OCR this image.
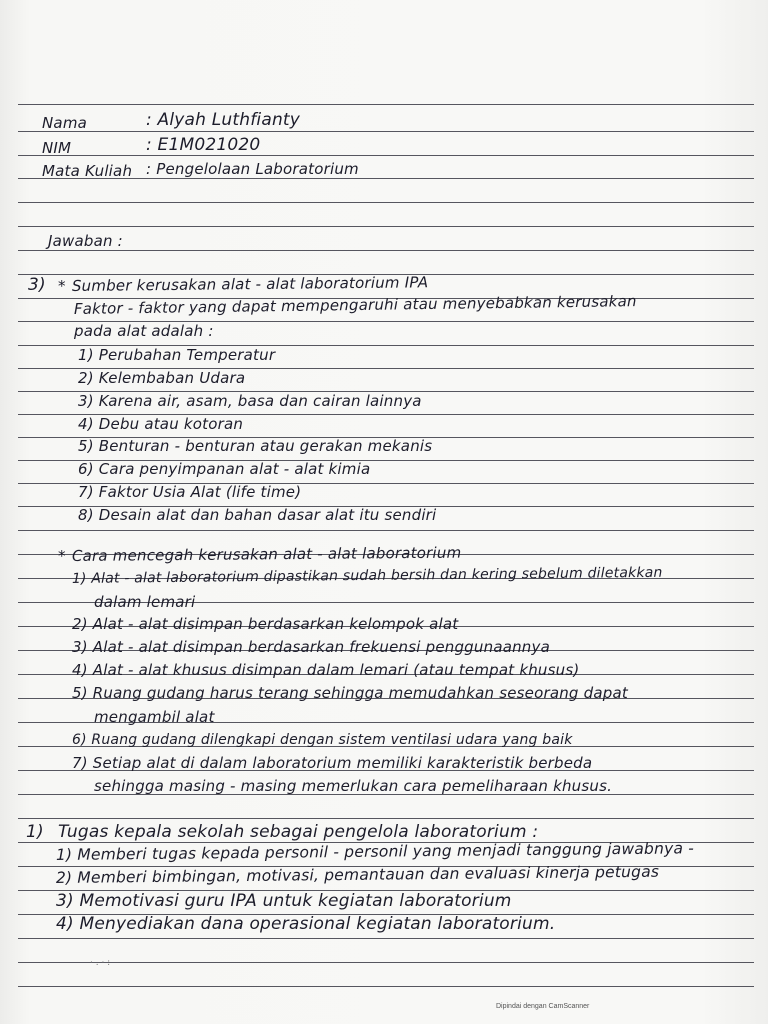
Nama	: Alyah Luthfianty
NIM	: E1M021020
Mata Kuliah : Pengelolaan Laboratorium
Jawaban :
3) * Sumber kerusakan alat - alat laboratorium IPA
Faktor - faktor yang dapat mempengaruhi atau menyebabkan kerusakan
pada alat adalah :
1) Perubahan Temperatur
2) Kelembaban Udara
3) Karena air, asam, basa dan cairan lainnya
4) Debu atau kotoran
5) Benturan - benturan atau gerakan mekanis
6) Cara penyimpanan alat - alat kimia
7) Faktor Usia Alat (life time)
8) Desain alat dan bahan dasar alat itu sendiri
* Cara mencegah kerusakan alat - alat laboratorium
1) Alat - alat laboratorium dipastikan sudah bersih dan kering sebelum diletakkan
dalam lemari
2) Alat - alat disimpan berdasarkan kelompok alat
3) Alat - alat disimpan berdasarkan frekuensi penggunaannya
4) Alat - alat khusus disimpan dalam lemari (atau tempat khusus)
5) Ruang gudang harus terang sehingga memudahkan seseorang dapat
mengambil alat
6) Ruang gudang dilengkapi dengan sistem ventilasi udara yang baik
7) Setiap alat di dalam laboratorium memiliki karakteristik berbeda
sehingga masing - masing memerlukan cara pemeliharaan khusus.
1) Tugas kepala sekolah sebagai pengelola laboratorium :
1) Memberi tugas kepada personil - personil yang menjadi tanggung jawabnya -
2) Memberi bimbingan, motivasi, pemantauan dan evaluasi kinerja petugas
3) Memotivasi guru IPA untuk kegiatan laboratorium
4) Menyediakan dana operasional kegiatan laboratorium.
· . · :
Dipindai dengan CamScanner
